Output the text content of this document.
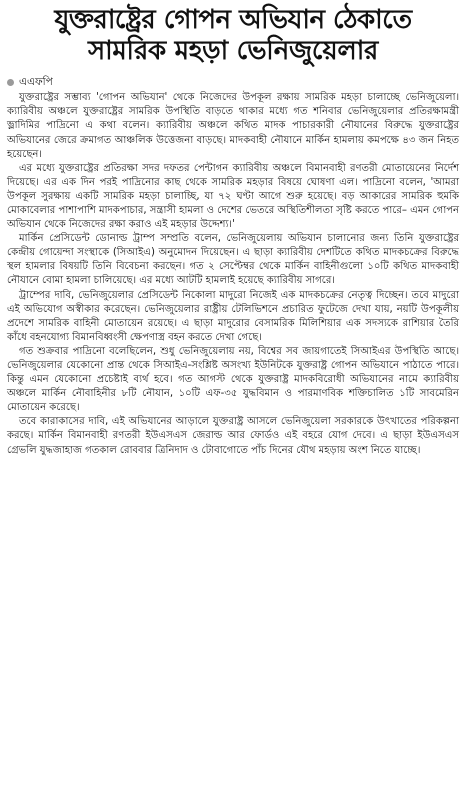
যুক্তরাষ্ট্রের গোপন অভিযান ঠেকাতে
সামরিক মহড়া ভেনিজুয়েলার
এএফপি

যুক্তরাষ্ট্রের সম্ভাব্য 'গোপন অভিযান' থেকে নিজেদের উপকূল রক্ষায় সামরিক মহড়া চালাচ্ছে ভেনিজুয়েলা। ক্যারিবীয় অঞ্চলে যুক্তরাষ্ট্রের সামরিক উপস্থিতি বাড়তে থাকার মধ্যে গত শনিবার ভেনিজুয়েলার প্রতিরক্ষামন্ত্রী ভ্লাদিমির পাদ্রিনো এ কথা বলেন। ক্যারিবীয় অঞ্চলে কথিত মাদক পাচারকারী নৌযানের বিরুদ্ধে যুক্তরাষ্ট্রের অভিযানের জেরে ক্রমাগত আঞ্চলিক উত্তেজনা বাড়ছে। মাদকবাহী নৌযানে মার্কিন হামলায় কমপক্ষে ৪৩ জন নিহত হয়েছেন।

এর মধ্যে যুক্তরাষ্ট্রের প্রতিরক্ষা সদর দফতর পেন্টাগন ক্যারিবীয় অঞ্চলে বিমানবাহী রণতরী মোতায়েনের নির্দেশ দিয়েছে। এর এক দিন পরই পাদ্রিনোর কাছ থেকে সামরিক মহড়ার বিষয়ে ঘোষণা এল। পাদ্রিনো বলেন, 'আমরা উপকূল সুরক্ষায় একটি সামরিক মহড়া চালাচ্ছি, যা ৭২ ঘণ্টা আগে শুরু হয়েছে। বড় আকারের সামরিক হুমকি মোকাবেলার পাশাপাশি মাদকপাচার, সন্ত্রাসী হামলা ও দেশের ভেতরে অস্থিতিশীলতা সৃষ্টি করতে পারে– এমন গোপন অভিযান থেকে নিজেদের রক্ষা করাও এই মহড়ার উদ্দেশ্য।'

মার্কিন প্রেসিডেন্ট ডোনাল্ড ট্রাম্প সম্প্রতি বলেন, ভেনিজুয়েলায় অভিযান চালানোর জন্য তিনি যুক্তরাষ্ট্রের কেন্দ্রীয় গোয়েন্দা সংস্থাকে (সিআইএ) অনুমোদন দিয়েছেন। এ ছাড়া ক্যারিবীয় দেশটিতে কথিত মাদকচক্রের বিরুদ্ধে স্থল হামলার বিষয়টি তিনি বিবেচনা করছেন। গত ২ সেপ্টেম্বর থেকে মার্কিন বাহিনীগুলো ১০টি কথিত মাদকবাহী নৌযানে বোমা হামলা চালিয়েছে। এর মধ্যে আটটি হামলাই হয়েছে ক্যারিবীয় সাগরে।

ট্রাম্পের দাবি, ভেনিজুয়েলার প্রেসিডেন্ট নিকোলা মাদুরো নিজেই এক মাদকচক্রের নেতৃত্ব দিচ্ছেন। তবে মাদুরো এই অভিযোগ অস্বীকার করেছেন। ভেনিজুয়েলার রাষ্ট্রীয় টেলিভিশনে প্রচারিত ফুটেজে দেখা যায়, নয়টি উপকূলীয় প্রদেশে সামরিক বাহিনী মোতায়েন রয়েছে। এ ছাড়া মাদুরোর বেসামরিক মিলিশিয়ার এক সদস্যকে রাশিয়ার তৈরি কাঁধে বহনযোগ্য বিমানবিধ্বংসী ক্ষেপণাস্ত্র বহন করতে দেখা গেছে।

গত শুক্রবার পাদ্রিনো বলেছিলেন, শুধু ভেনিজুয়েলায় নয়, বিশ্বের সব জায়গাতেই সিআইএর উপস্থিতি আছে। ভেনিজুয়েলার যেকোনো প্রান্ত থেকে সিআইএ-সংশ্লিষ্ট অসংখ্য ইউনিটকে যুক্তরাষ্ট্র গোপন অভিযানে পাঠাতে পারে। কিন্তু এমন যেকোনো প্রচেষ্টাই ব্যর্থ হবে। গত আগস্ট থেকে যুক্তরাষ্ট্র মাদকবিরোধী অভিযানের নামে ক্যারিবীয় অঞ্চলে মার্কিন নৌবাহিনীর ৮টি নৌযান, ১০টি এফ-৩৫ যুদ্ধবিমান ও পারমাণবিক শক্তিচালিত ১টি সাবমেরিন মোতায়েন করেছে।

তবে কারাকাসের দাবি, এই অভিযানের আড়ালে যুক্তরাষ্ট্র আসলে ভেনিজুয়েলা সরকারকে উৎখাতের পরিকল্পনা করছে। মার্কিন বিমানবাহী রণতরী ইউএসএস জেরাল্ড আর ফোর্ডও এই বহরে যোগ দেবে। এ ছাড়া ইউএসএস গ্রেভলি যুদ্ধজাহাজ গতকাল রোববার ত্রিনিদাদ ও টোবাগোতে পাঁচ দিনের যৌথ মহড়ায় অংশ নিতে যাচ্ছে।
